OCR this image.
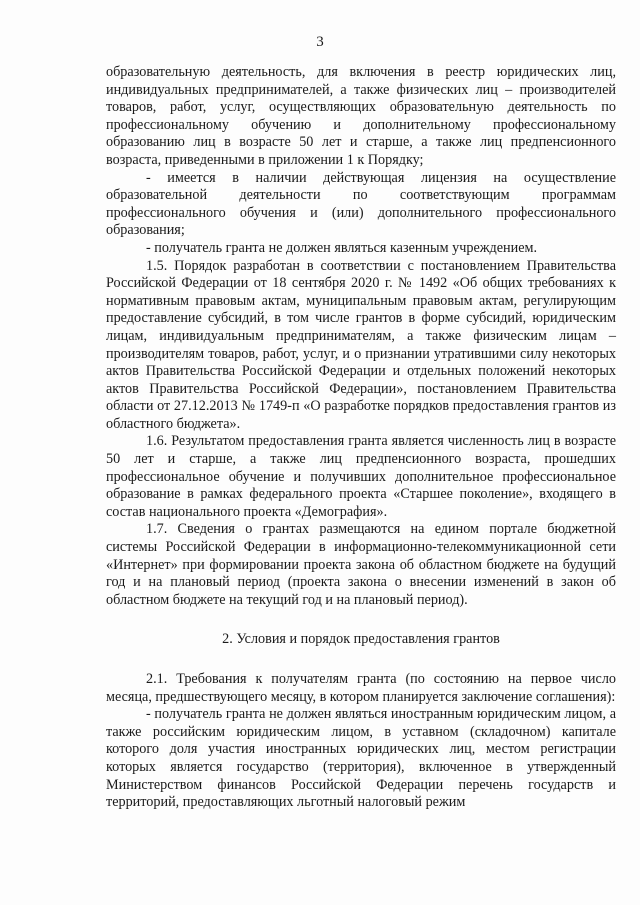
3

образовательную деятельность, для включения в реестр юридических лиц, индивидуальных предпринимателей, а также физических лиц – производителей товаров, работ, услуг, осуществляющих образовательную деятельность по профессиональному обучению и дополнительному профессиональному образованию лиц в возрасте 50 лет и старше, а также лиц предпенсионного возраста, приведенными в приложении 1 к Порядку;

- имеется в наличии действующая лицензия на осуществление образовательной деятельности по соответствующим программам профессионального обучения и (или) дополнительного профессионального образования;

- получатель гранта не должен являться казенным учреждением.

1.5. Порядок разработан в соответствии с постановлением Правительства Российской Федерации от 18 сентября 2020 г. № 1492 «Об общих требованиях к нормативным правовым актам, муниципальным правовым актам, регулирующим предоставление субсидий, в том числе грантов в форме субсидий, юридическим лицам, индивидуальным предпринимателям, а также физическим лицам – производителям товаров, работ, услуг, и о признании утратившими силу некоторых актов Правительства Российской Федерации и отдельных положений некоторых актов Правительства Российской Федерации», постановлением Правительства области от 27.12.2013 № 1749-п «О разработке порядков предоставления грантов из областного бюджета».

1.6. Результатом предоставления гранта является численность лиц в возрасте 50 лет и старше, а также лиц предпенсионного возраста, прошедших профессиональное обучение и получивших дополнительное профессиональное образование в рамках федерального проекта «Старшее поколение», входящего в состав национального проекта «Демография».

1.7. Сведения о грантах размещаются на едином портале бюджетной системы Российской Федерации в информационно-телекоммуникационной сети «Интернет» при формировании проекта закона об областном бюджете на будущий год и на плановый период (проекта закона о внесении изменений в закон об областном бюджете на текущий год и на плановый период).

2. Условия и порядок предоставления грантов

2.1. Требования к получателям гранта (по состоянию на первое число месяца, предшествующего месяцу, в котором планируется заключение соглашения):

- получатель гранта не должен являться иностранным юридическим лицом, а также российским юридическим лицом, в уставном (складочном) капитале которого доля участия иностранных юридических лиц, местом регистрации которых является государство (территория), включенное в утвержденный Министерством финансов Российской Федерации перечень государств и территорий, предоставляющих льготный налоговый режим
